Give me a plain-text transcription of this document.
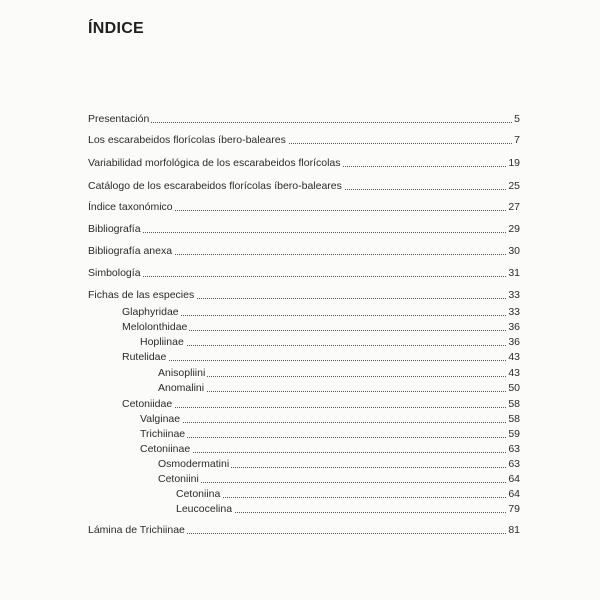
ÍNDICE
Presentación	5
Los escarabeidos florícolas íbero-baleares	7
Variabilidad morfológica de los escarabeidos florícolas	19
Catálogo de los escarabeidos florícolas íbero-baleares	25
Índice taxonómico	27
Bibliografía	29
Bibliografía anexa	30
Simbología	31
Fichas de las especies	33
Glaphyridae	33
Melolonthidae	36
Hopliinae	36
Rutelidae	43
Anisopliini	43
Anomalini	50
Cetoniidae	58
Valginae	58
Trichiinae	59
Cetoniinae	63
Osmodermatini	63
Cetoniini	64
Cetoniina	64
Leucocelina	79
Lámina de Trichiinae	81
